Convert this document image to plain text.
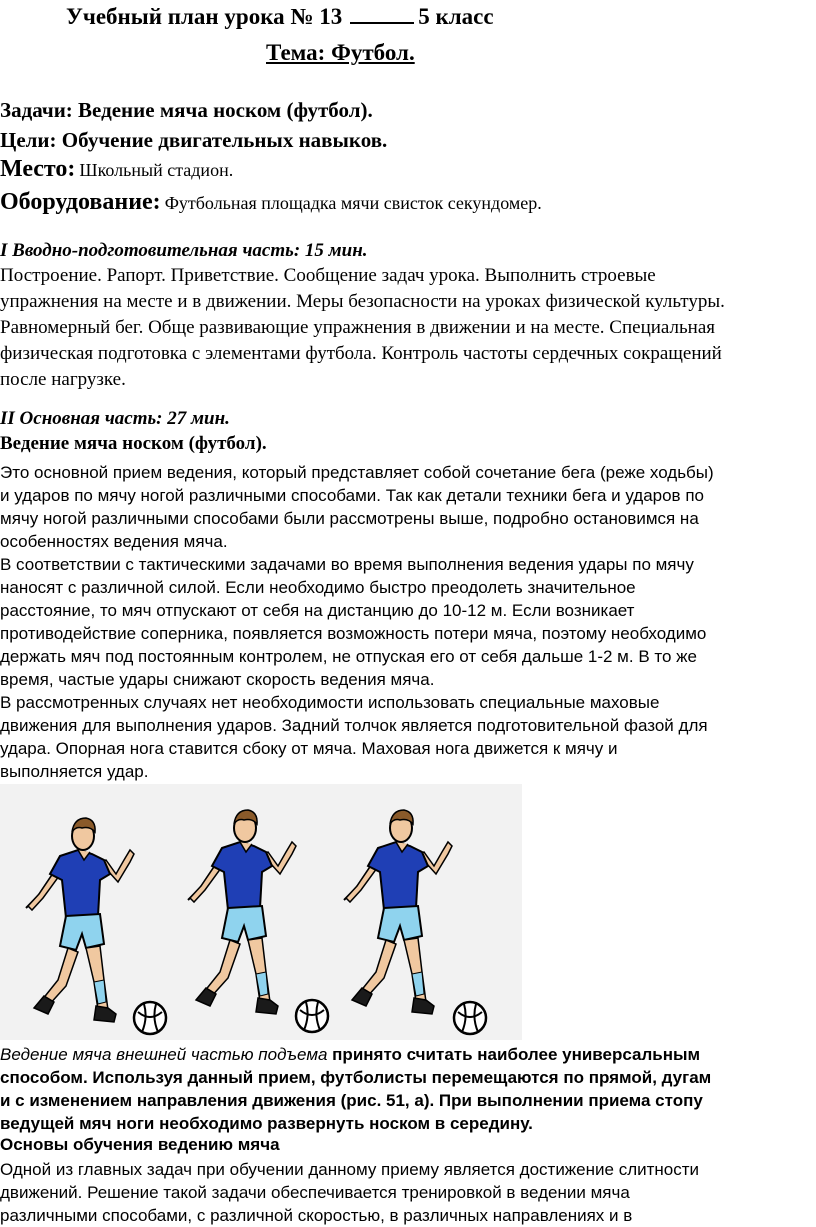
Учебный план урока № 13	5 класс
Тема: Футбол.
Задачи: Ведение мяча носком (футбол).
Цели: Обучение двигательных навыков.
Место: Школьный стадион.
Оборудование: Футбольная площадка мячи свисток секундомер.
I Вводно-подготовительная часть: 15 мин.
Построение. Рапорт. Приветствие. Сообщение задач урока. Выполнить строевые
упражнения на месте и в движении. Меры безопасности на уроках физической культуры.
Равномерный бег. Обще развивающие упражнения в движении и на месте. Специальная
физическая подготовка с элементами футбола. Контроль частоты сердечных сокращений
после нагрузке.
II Основная часть: 27 мин.
Ведение мяча носком (футбол).
Это основной прием ведения, который представляет собой сочетание бега (реже ходьбы)
и ударов по мячу ногой различными способами. Так как детали техники бега и ударов по
мячу ногой различными способами были рассмотрены выше, подробно остановимся на
особенностях ведения мяча.
В соответствии с тактическими задачами во время выполнения ведения удары по мячу
наносят с различной силой. Если необходимо быстро преодолеть значительное
расстояние, то мяч отпускают от себя на дистанцию до 10-12 м. Если возникает
противодействие соперника, появляется возможность потери мяча, поэтому необходимо
держать мяч под постоянным контролем, не отпуская его от себя дальше 1-2 м. В то же
время, частые удары снижают скорость ведения мяча.
В рассмотренных случаях нет необходимости использовать специальные маховые
движения для выполнения ударов. Задний толчок является подготовительной фазой для
удара. Опорная нога ставится сбоку от мяча. Маховая нога движется к мячу и
выполняется удар.
Ведение мяча внешней частью подъема принято считать наиболее универсальным
способом. Используя данный прием, футболисты перемещаются по прямой, дугам
и с изменением направления движения (рис. 51, а). При выполнении приема стопу
ведущей мяч ноги необходимо развернуть носком в середину.
Основы обучения ведению мяча
Одной из главных задач при обучении данному приему является достижение слитности
движений. Решение такой задачи обеспечивается тренировкой в ведении мяча
различными способами, с различной скоростью, в различных направлениях и в
